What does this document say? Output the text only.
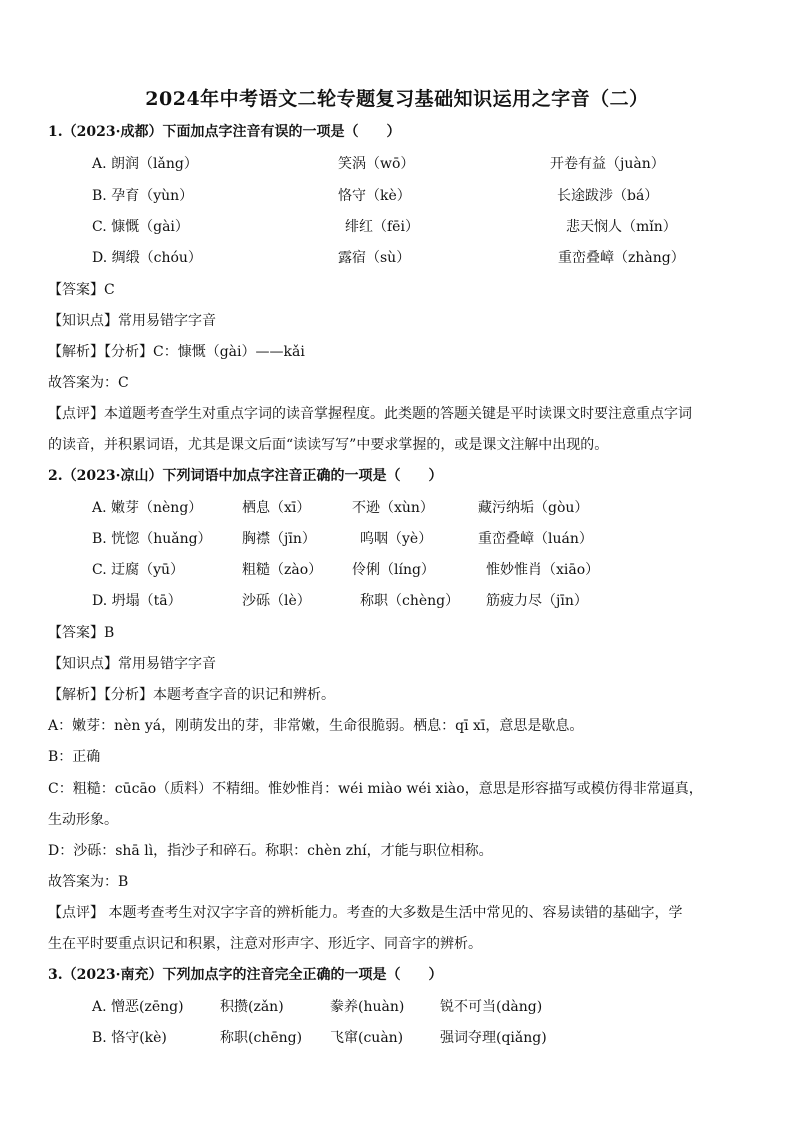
2024年中考语文二轮专题复习基础知识运用之字音（二）
1.（2023·成都）下面加点字注音有误的一项是（　　）
A. 朗润（lǎng）	笑涡（wō）	开卷有益（juàn）
B. 孕育（yùn）	恪守（kè）	长途跋涉（bá）
C. 慷慨（gài）	绯红（fēi）	悲天悯人（mǐn）
D. 绸缎（chóu）	露宿（sù）	重峦叠嶂（zhàng）
【答案】C
【知识点】常用易错字字音
【解析】【分析】C：慷慨（gài）——kǎi
故答案为：C
【点评】本道题考查学生对重点字词的读音掌握程度。此类题的答题关键是平时读课文时要注意重点字词
的读音，并积累词语，尤其是课文后面“读读写写”中要求掌握的，或是课文注解中出现的。
2.（2023·凉山）下列词语中加点字注音正确的一项是（　　）
A. 嫩芽（nèng）	栖息（xī）	不逊（xùn）	藏污纳垢（gòu）
B. 恍惚（huǎng） 胸襟（jīn）	呜咽（yè）	重峦叠嶂（luán）
C. 迂腐（yū）	粗糙（zào） 伶俐（líng）	惟妙惟肖（xiāo）
D. 坍塌（tā）	沙砾（lè）	称职（chèng） 筋疲力尽（jīn）
【答案】B
【知识点】常用易错字字音
【解析】【分析】本题考查字音的识记和辨析。
A：嫩芽：nèn yá，刚萌发出的芽，非常嫩，生命很脆弱。栖息：qī xī，意思是歇息。
B：正确
C：粗糙：cūcāo（质料）不精细。惟妙惟肖：wéi miào wéi xiào，意思是形容描写或模仿得非常逼真，
生动形象。
D：沙砾：shā lì，指沙子和碎石。称职：chèn zhí，才能与职位相称。
故答案为：B
【点评】 本题考查考生对汉字字音的辨析能力。考查的大多数是生活中常见的、容易读错的基础字，学
生在平时要重点识记和积累，注意对形声字、形近字、同音字的辨析。
3.（2023·南充）下列加点字的注音完全正确的一项是（　　）
A. 憎恶(zēng)	积攒(zǎn)	豢养(huàn)	锐不可当(dàng)
B. 恪守(kè)	称职(chēng) 飞窜(cuàn)	强词夺理(qiǎng)
